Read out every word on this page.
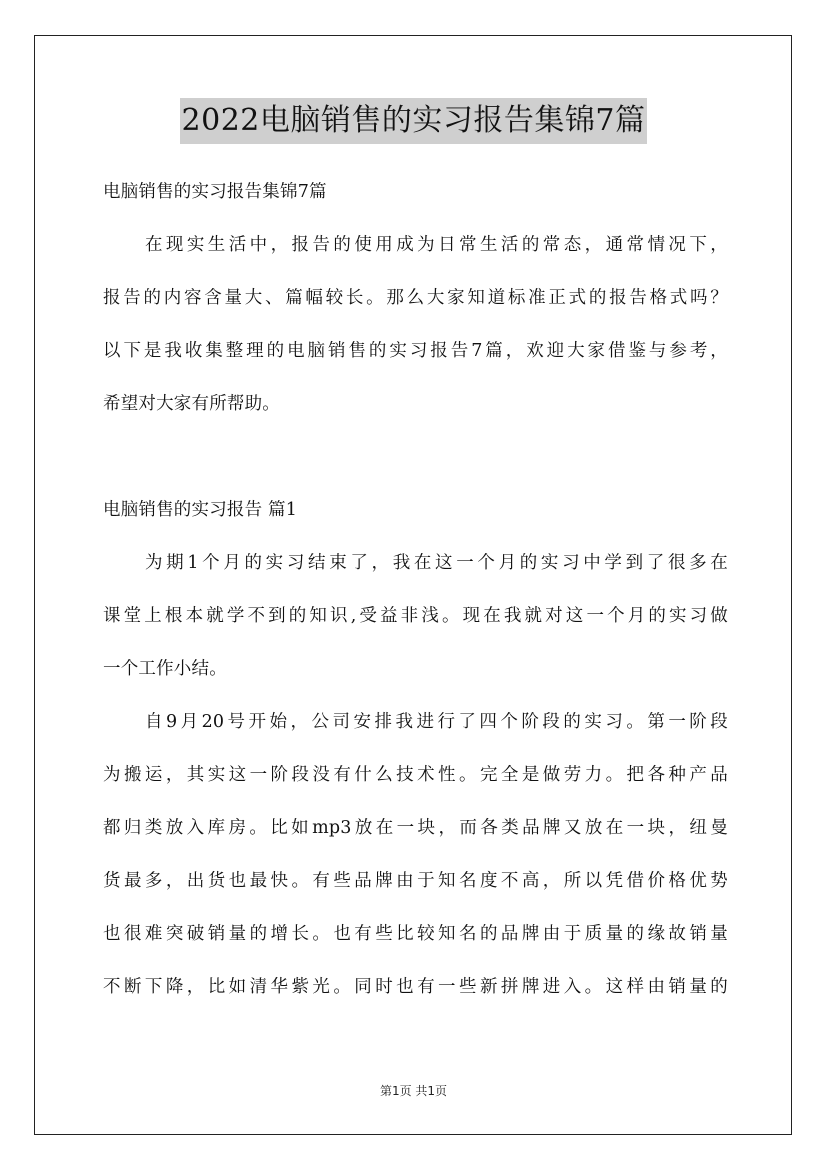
2022电脑销售的实习报告集锦7篇
电脑销售的实习报告集锦7篇
在现实生活中，报告的使用成为日常生活的常态，通常情况下，
报告的内容含量大、篇幅较长。那么大家知道标准正式的报告格式吗？
以下是我收集整理的电脑销售的实习报告7篇，欢迎大家借鉴与参考，
希望对大家有所帮助。
电脑销售的实习报告 篇1
为期1个月的实习结束了，我在这一个月的实习中学到了很多在
课堂上根本就学不到的知识,受益非浅。现在我就对这一个月的实习做
一个工作小结。
自9月20号开始，公司安排我进行了四个阶段的实习。第一阶段
为搬运，其实这一阶段没有什么技术性。完全是做劳力。把各种产品
都归类放入库房。比如mp3放在一块，而各类品牌又放在一块，纽曼
货最多，出货也最快。有些品牌由于知名度不高，所以凭借价格优势
也很难突破销量的增长。也有些比较知名的品牌由于质量的缘故销量
不断下降，比如清华紫光。同时也有一些新拼牌进入。这样由销量的
第1页 共1页
